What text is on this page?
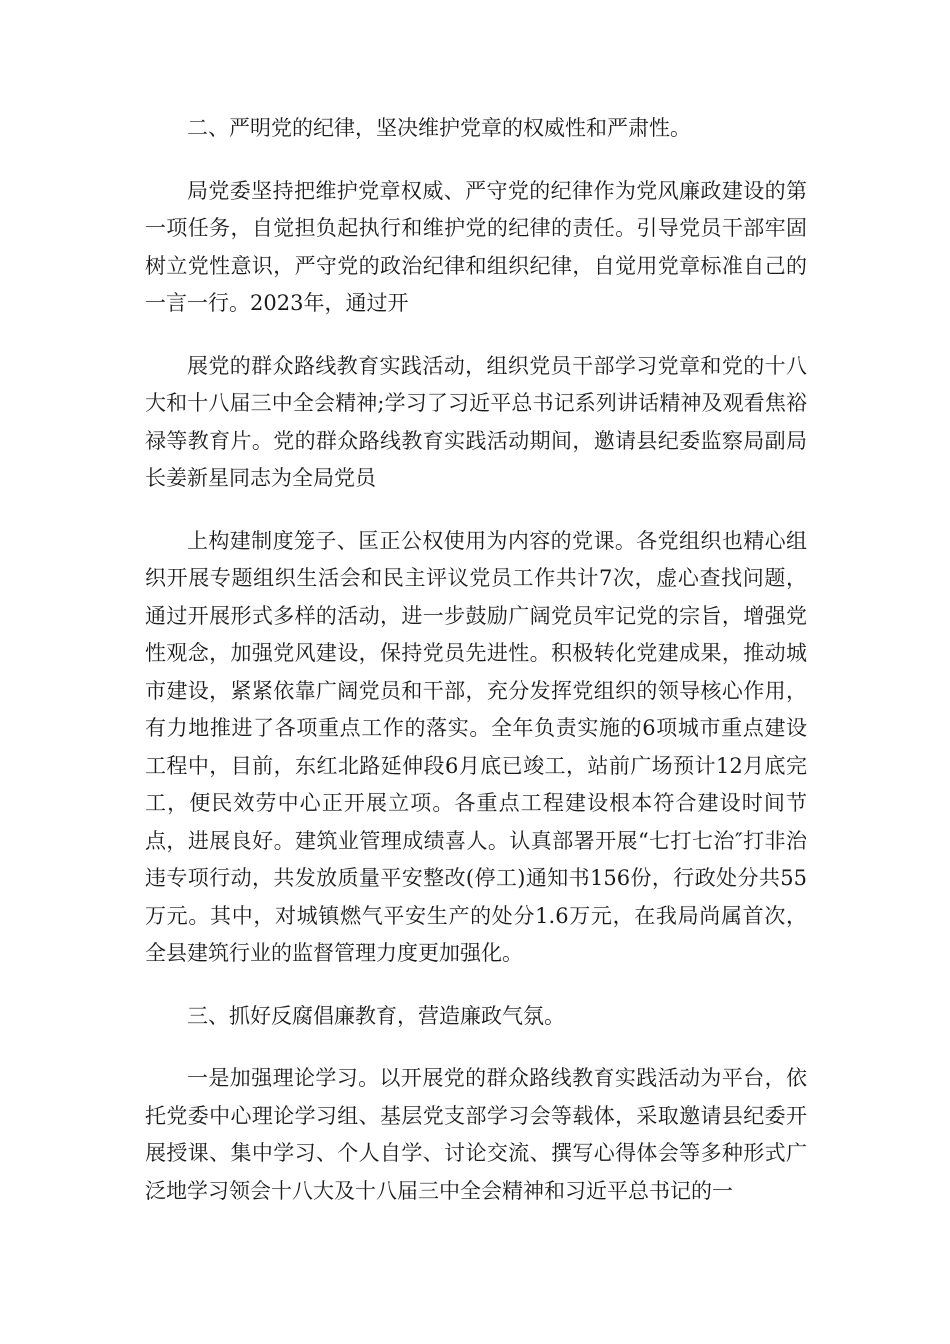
二、严明党的纪律，坚决维护党章的权威性和严肃性。

局党委坚持把维护党章权威、严守党的纪律作为党风廉政建设的第一项任务，自觉担负起执行和维护党的纪律的责任。引导党员干部牢固树立党性意识，严守党的政治纪律和组织纪律，自觉用党章标准自己的一言一行。2023年，通过开

展党的群众路线教育实践活动，组织党员干部学习党章和党的十八大和十八届三中全会精神;学习了习近平总书记系列讲话精神及观看焦裕禄等教育片。党的群众路线教育实践活动期间，邀请县纪委监察局副局长姜新星同志为全局党员

上构建制度笼子、匡正公权使用为内容的党课。各党组织也精心组织开展专题组织生活会和民主评议党员工作共计7次，虚心查找问题，通过开展形式多样的活动，进一步鼓励广阔党员牢记党的宗旨，增强党性观念，加强党风建设，保持党员先进性。积极转化党建成果，推动城市建设，紧紧依靠广阔党员和干部，充分发挥党组织的领导核心作用，有力地推进了各项重点工作的落实。全年负责实施的6项城市重点建设工程中，目前，东红北路延伸段6月底已竣工，站前广场预计12月底完工，便民效劳中心正开展立项。各重点工程建设根本符合建设时间节点，进展良好。建筑业管理成绩喜人。认真部署开展“七打七治″打非治违专项行动，共发放质量平安整改(停工)通知书156份，行政处分共55万元。其中，对城镇燃气平安生产的处分1.6万元，在我局尚属首次，全县建筑行业的监督管理力度更加强化。

三、抓好反腐倡廉教育，营造廉政气氛。

一是加强理论学习。以开展党的群众路线教育实践活动为平台，依托党委中心理论学习组、基层党支部学习会等载体，采取邀请县纪委开展授课、集中学习、个人自学、讨论交流、撰写心得体会等多种形式广泛地学习领会十八大及十八届三中全会精神和习近平总书记的一
